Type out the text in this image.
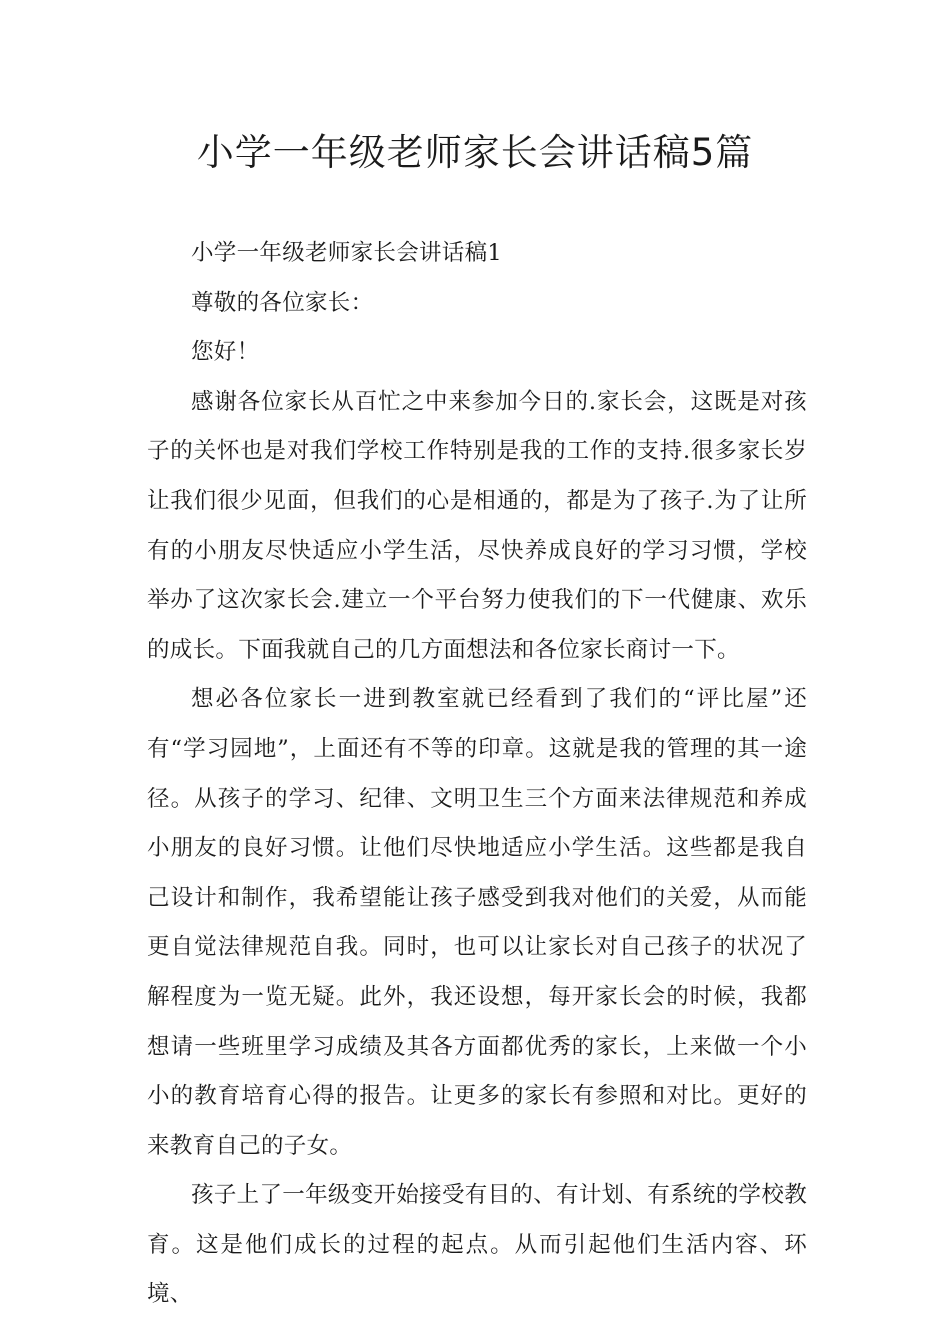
小学一年级老师家长会讲话稿5篇

小学一年级老师家长会讲话稿1

尊敬的各位家长：

您好！

感谢各位家长从百忙之中来参加今日的.家长会，这既是对孩子的关怀也是对我们学校工作特别是我的工作的支持.很多家长岁让我们很少见面，但我们的心是相通的，都是为了孩子.为了让所有的小朋友尽快适应小学生活，尽快养成良好的学习习惯，学校举办了这次家长会.建立一个平台努力使我们的下一代健康、欢乐的成长。下面我就自己的几方面想法和各位家长商讨一下。

想必各位家长一进到教室就已经看到了我们的“评比屋”还有“学习园地”，上面还有不等的印章。这就是我的管理的其一途径。从孩子的学习、纪律、文明卫生三个方面来法律规范和养成小朋友的良好习惯。让他们尽快地适应小学生活。这些都是我自己设计和制作，我希望能让孩子感受到我对他们的关爱，从而能更自觉法律规范自我。同时，也可以让家长对自己孩子的状况了解程度为一览无疑。此外，我还设想，每开家长会的时候，我都想请一些班里学习成绩及其各方面都优秀的家长，上来做一个小小的教育培育心得的报告。让更多的家长有参照和对比。更好的来教育自己的子女。

孩子上了一年级变开始接受有目的、有计划、有系统的学校教育。这是他们成长的过程的起点。从而引起他们生活内容、环境、
